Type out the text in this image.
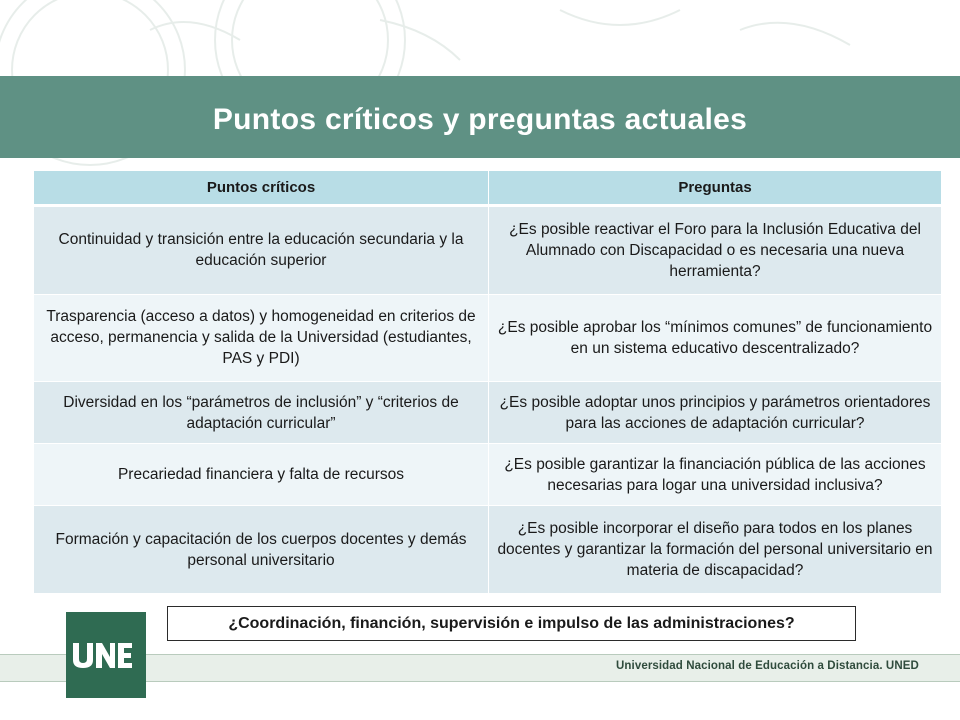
Puntos críticos y preguntas actuales
Puntos críticos	Preguntas
Continuidad y transición entre la educación secundaria y la educación superior	¿Es posible reactivar el Foro para la Inclusión Educativa del Alumnado con Discapacidad o es necesaria una nueva herramienta?
Trasparencia (acceso a datos) y homogeneidad en criterios de acceso, permanencia y salida de la Universidad (estudiantes, PAS y PDI)	¿Es posible aprobar los “mínimos comunes” de funcionamiento en un sistema educativo descentralizado?
Diversidad en los “parámetros de inclusión” y “criterios de adaptación curricular”	¿Es posible adoptar unos principios y parámetros orientadores para las acciones de adaptación curricular?
Precariedad financiera y falta de recursos	¿Es posible garantizar la financiación pública de las acciones necesarias para logar una universidad inclusiva?
Formación y capacitación de los cuerpos docentes y demás personal universitario	¿Es posible incorporar el diseño para todos en los planes docentes y garantizar la formación del personal universitario en materia de discapacidad?
¿Coordinación, financión, supervisión e impulso de las administraciones?
Universidad Nacional de Educación a Distancia. UNED
